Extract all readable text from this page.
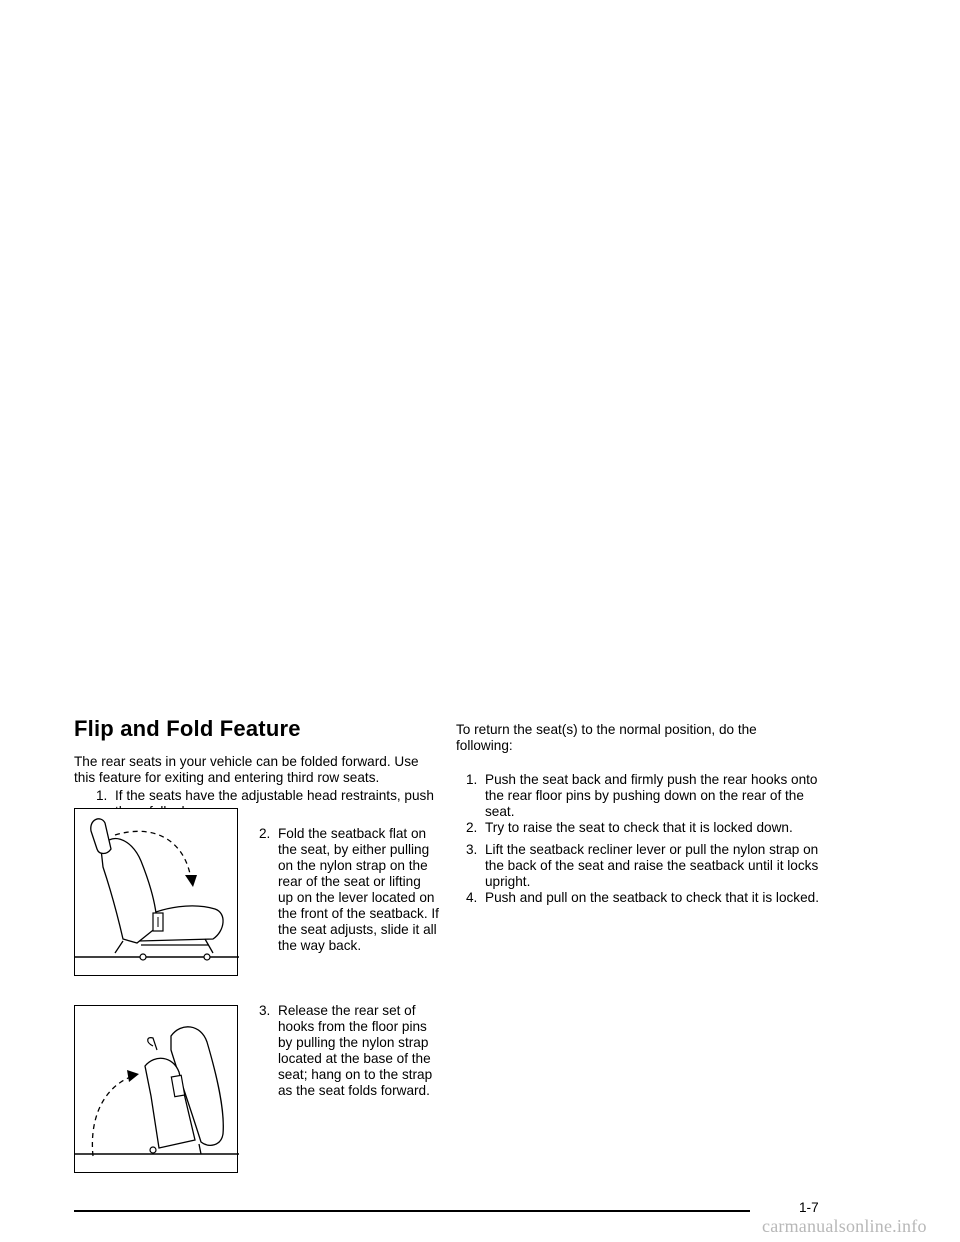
Flip and Fold Feature

The rear seats in your vehicle can be folded forward. Use this feature for exiting and entering third row seats.

1. If the seats have the adjustable head restraints, push
2. Fold the seatback flat on the seat, by either pulling on the nylon strap on the rear of the seat or lifting up on the lever located on the front of the seatback. If the seat adjusts, slide it all the way back.
3. Release the rear set of hooks from the floor pins by pulling the nylon strap located at the base of the seat; hang on to the strap as the seat folds forward.

To return the seat(s) to the normal position, do the following:

1. Push the seat back and firmly push the rear hooks onto the rear floor pins by pushing down on the rear of the seat.
2. Try to raise the seat to check that it is locked down.
3. Lift the seatback recliner lever or pull the nylon strap on the back of the seat and raise the seatback until it locks upright.
4. Push and pull on the seatback to check that it is locked.
1-7
carmanualsonline.info
